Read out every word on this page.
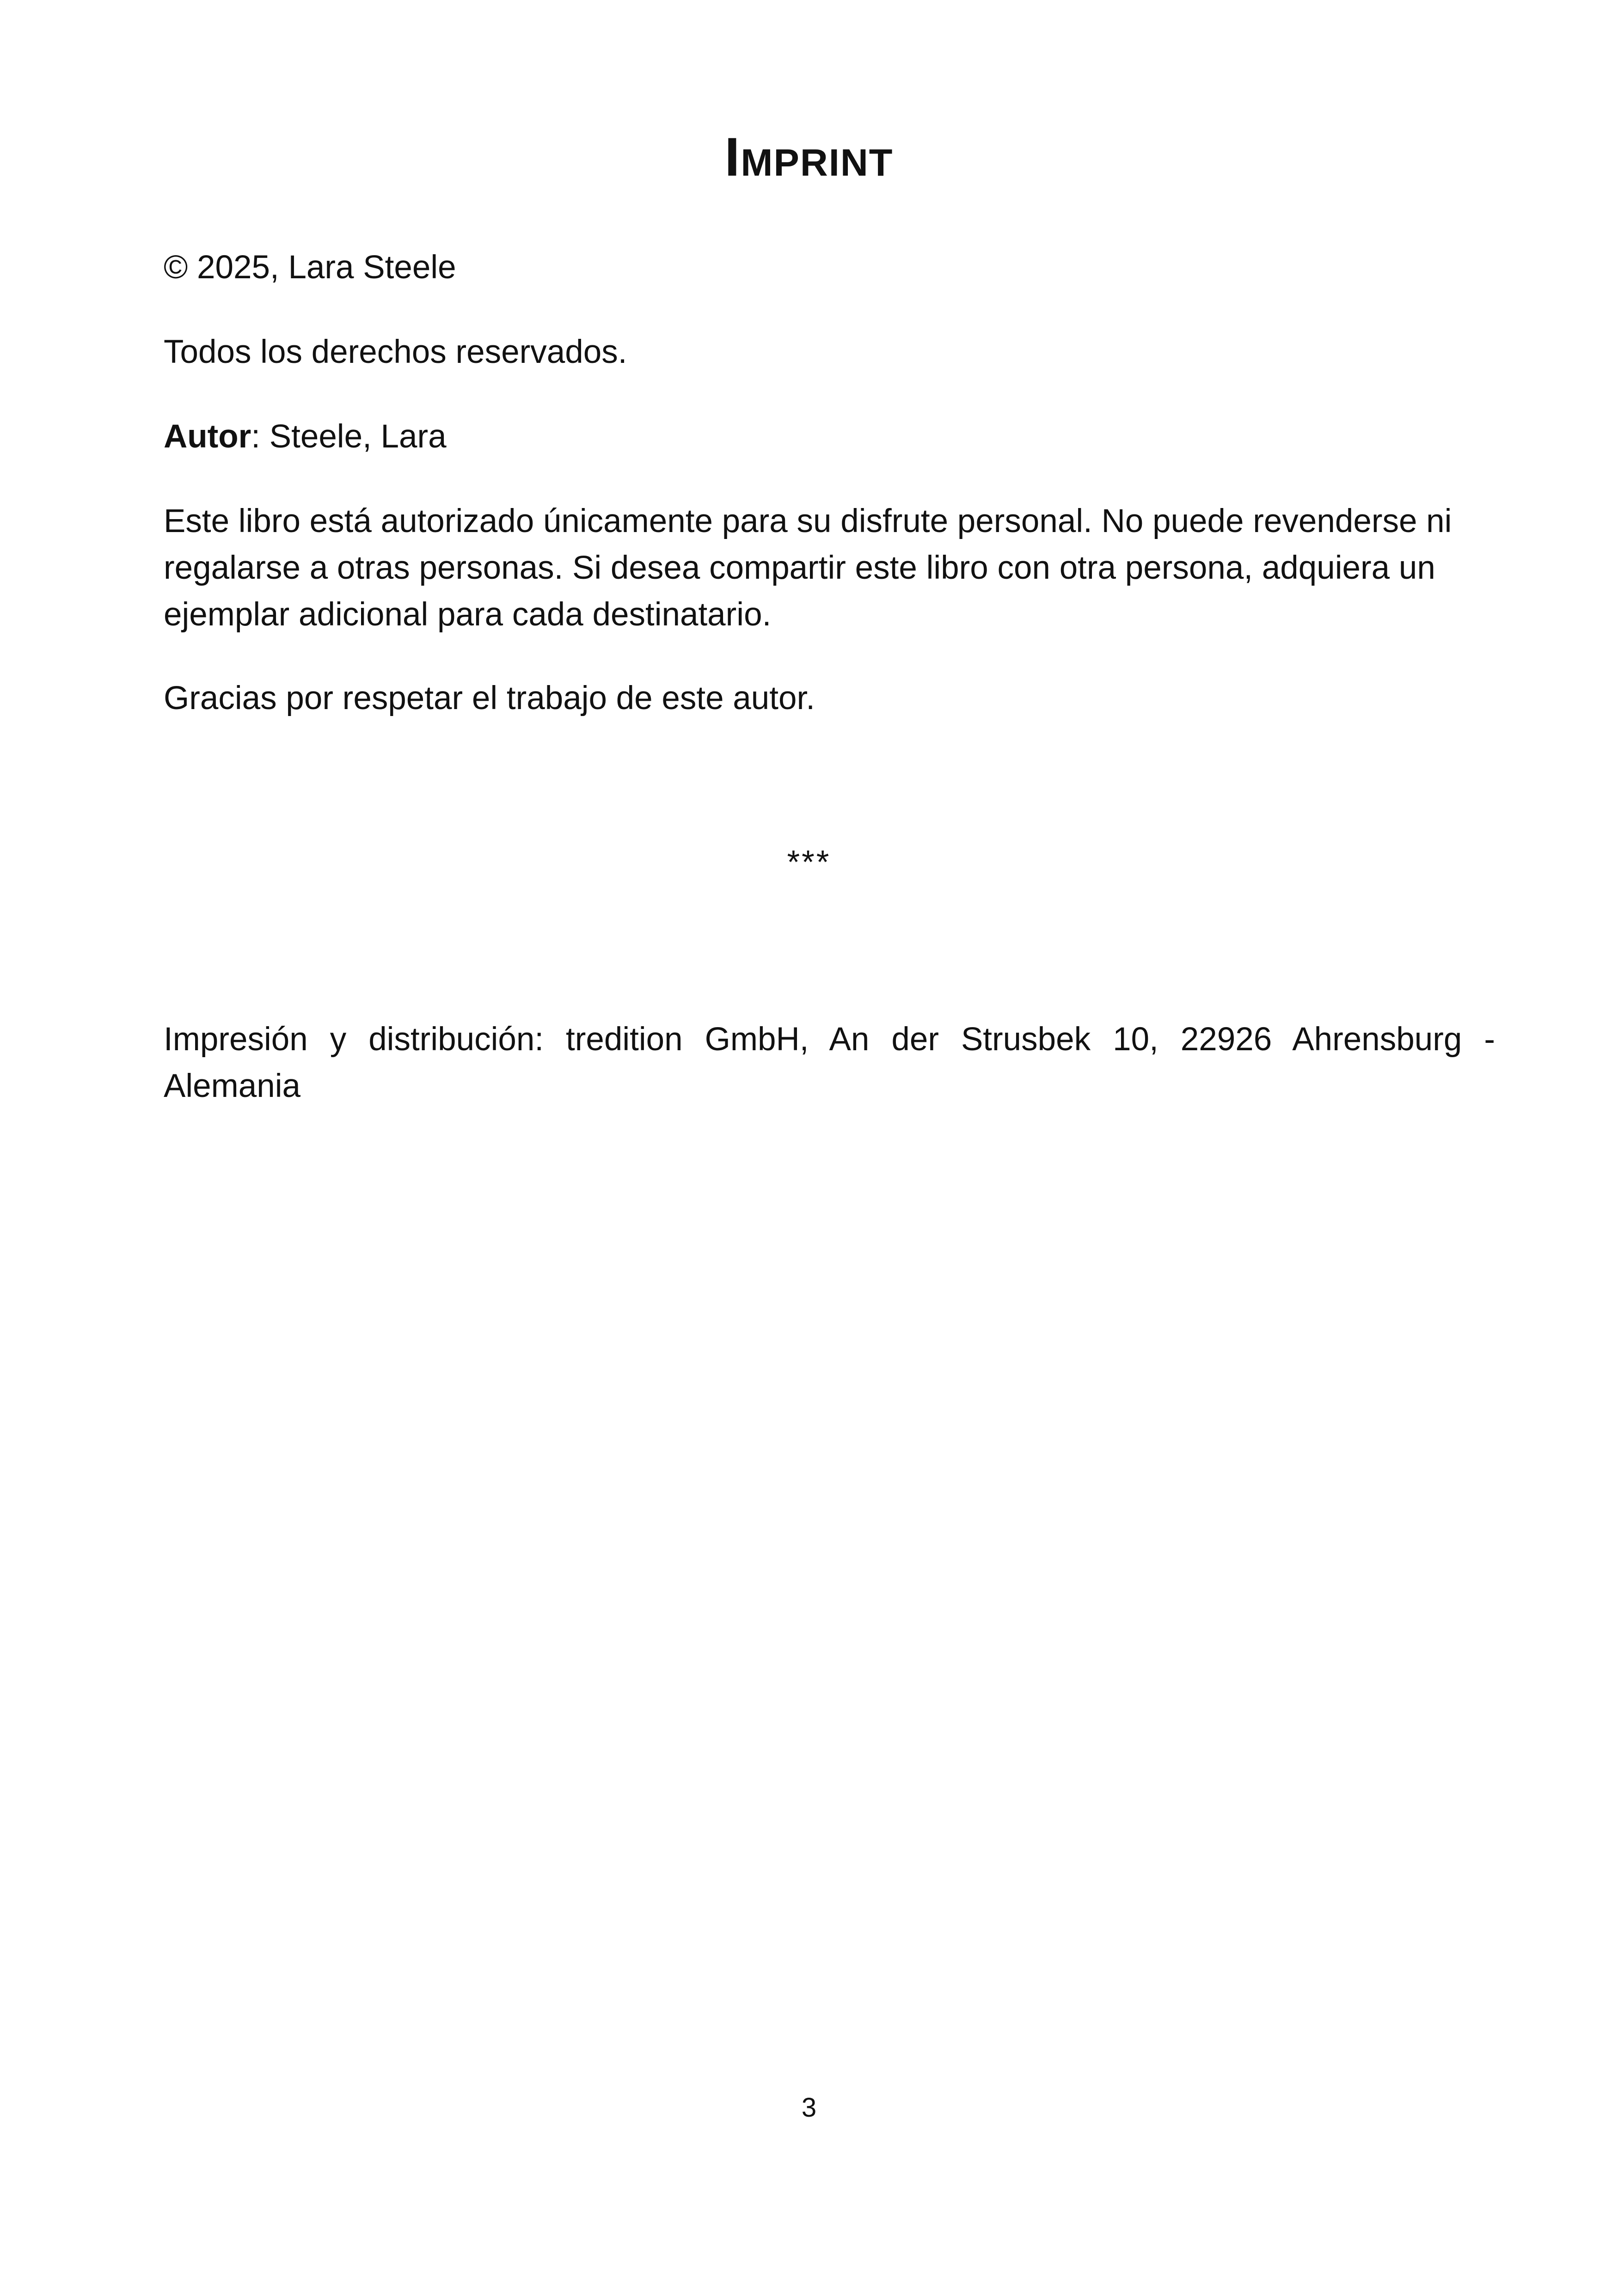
Imprint

© 2025, Lara Steele

Todos los derechos reservados.

Autor: Steele, Lara

Este libro está autorizado únicamente para su disfrute personal. No puede revenderse ni regalarse a otras personas. Si desea compartir este libro con otra persona, adquiera un ejemplar adicional para cada destinatario.

Gracias por respetar el trabajo de este autor.

***

Impresión y distribución: tredition GmbH, An der Strusbek 10, 22926 Ahrensburg - Alemania

3
